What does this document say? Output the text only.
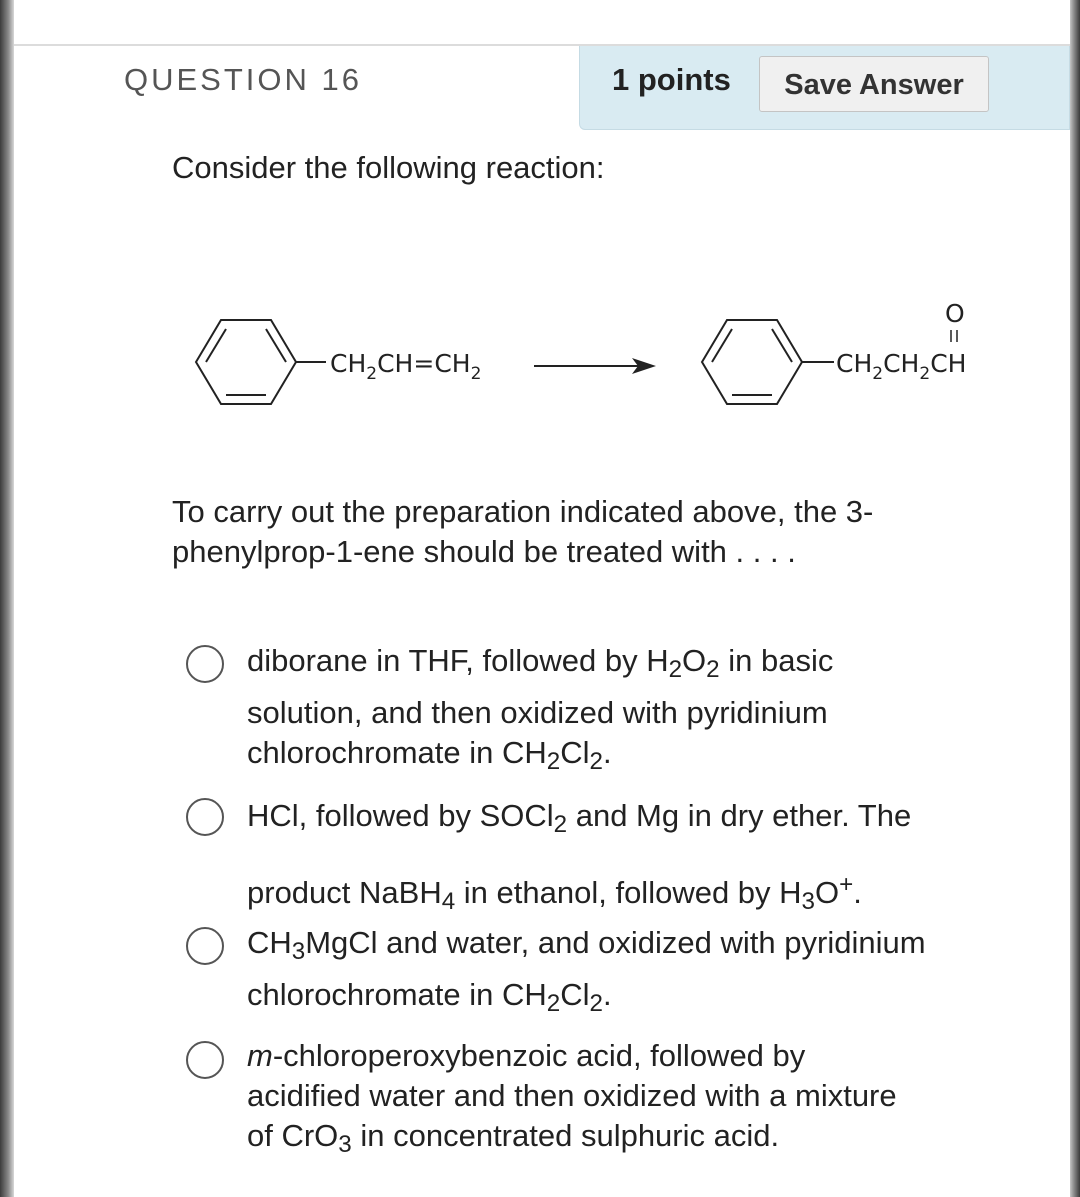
QUESTION 16	1 points	Save Answer
Consider the following reaction:
$CH_2CH=CH_2$	$CH_2CH_2CH$
O
To carry out the preparation indicated above, the 3-
phenylprop-1-ene should be treated with . . . .
diborane in THF, followed by $H_2O_2$ in basic
solution, and then oxidized with pyridinium
chlorochromate in $CH_2Cl_2$.
HCl, followed by SOCl$_2$ and Mg in dry ether. The
product NaBH$_4$ in ethanol, followed by $H_3O^+$.
$CH_3MgCl$ and water, and oxidized with pyridinium
chlorochromate in $CH_2Cl_2$.
m-chloroperoxybenzoic acid, followed by
acidified water and then oxidized with a mixture
of CrO$_3$ in concentrated sulphuric acid.
